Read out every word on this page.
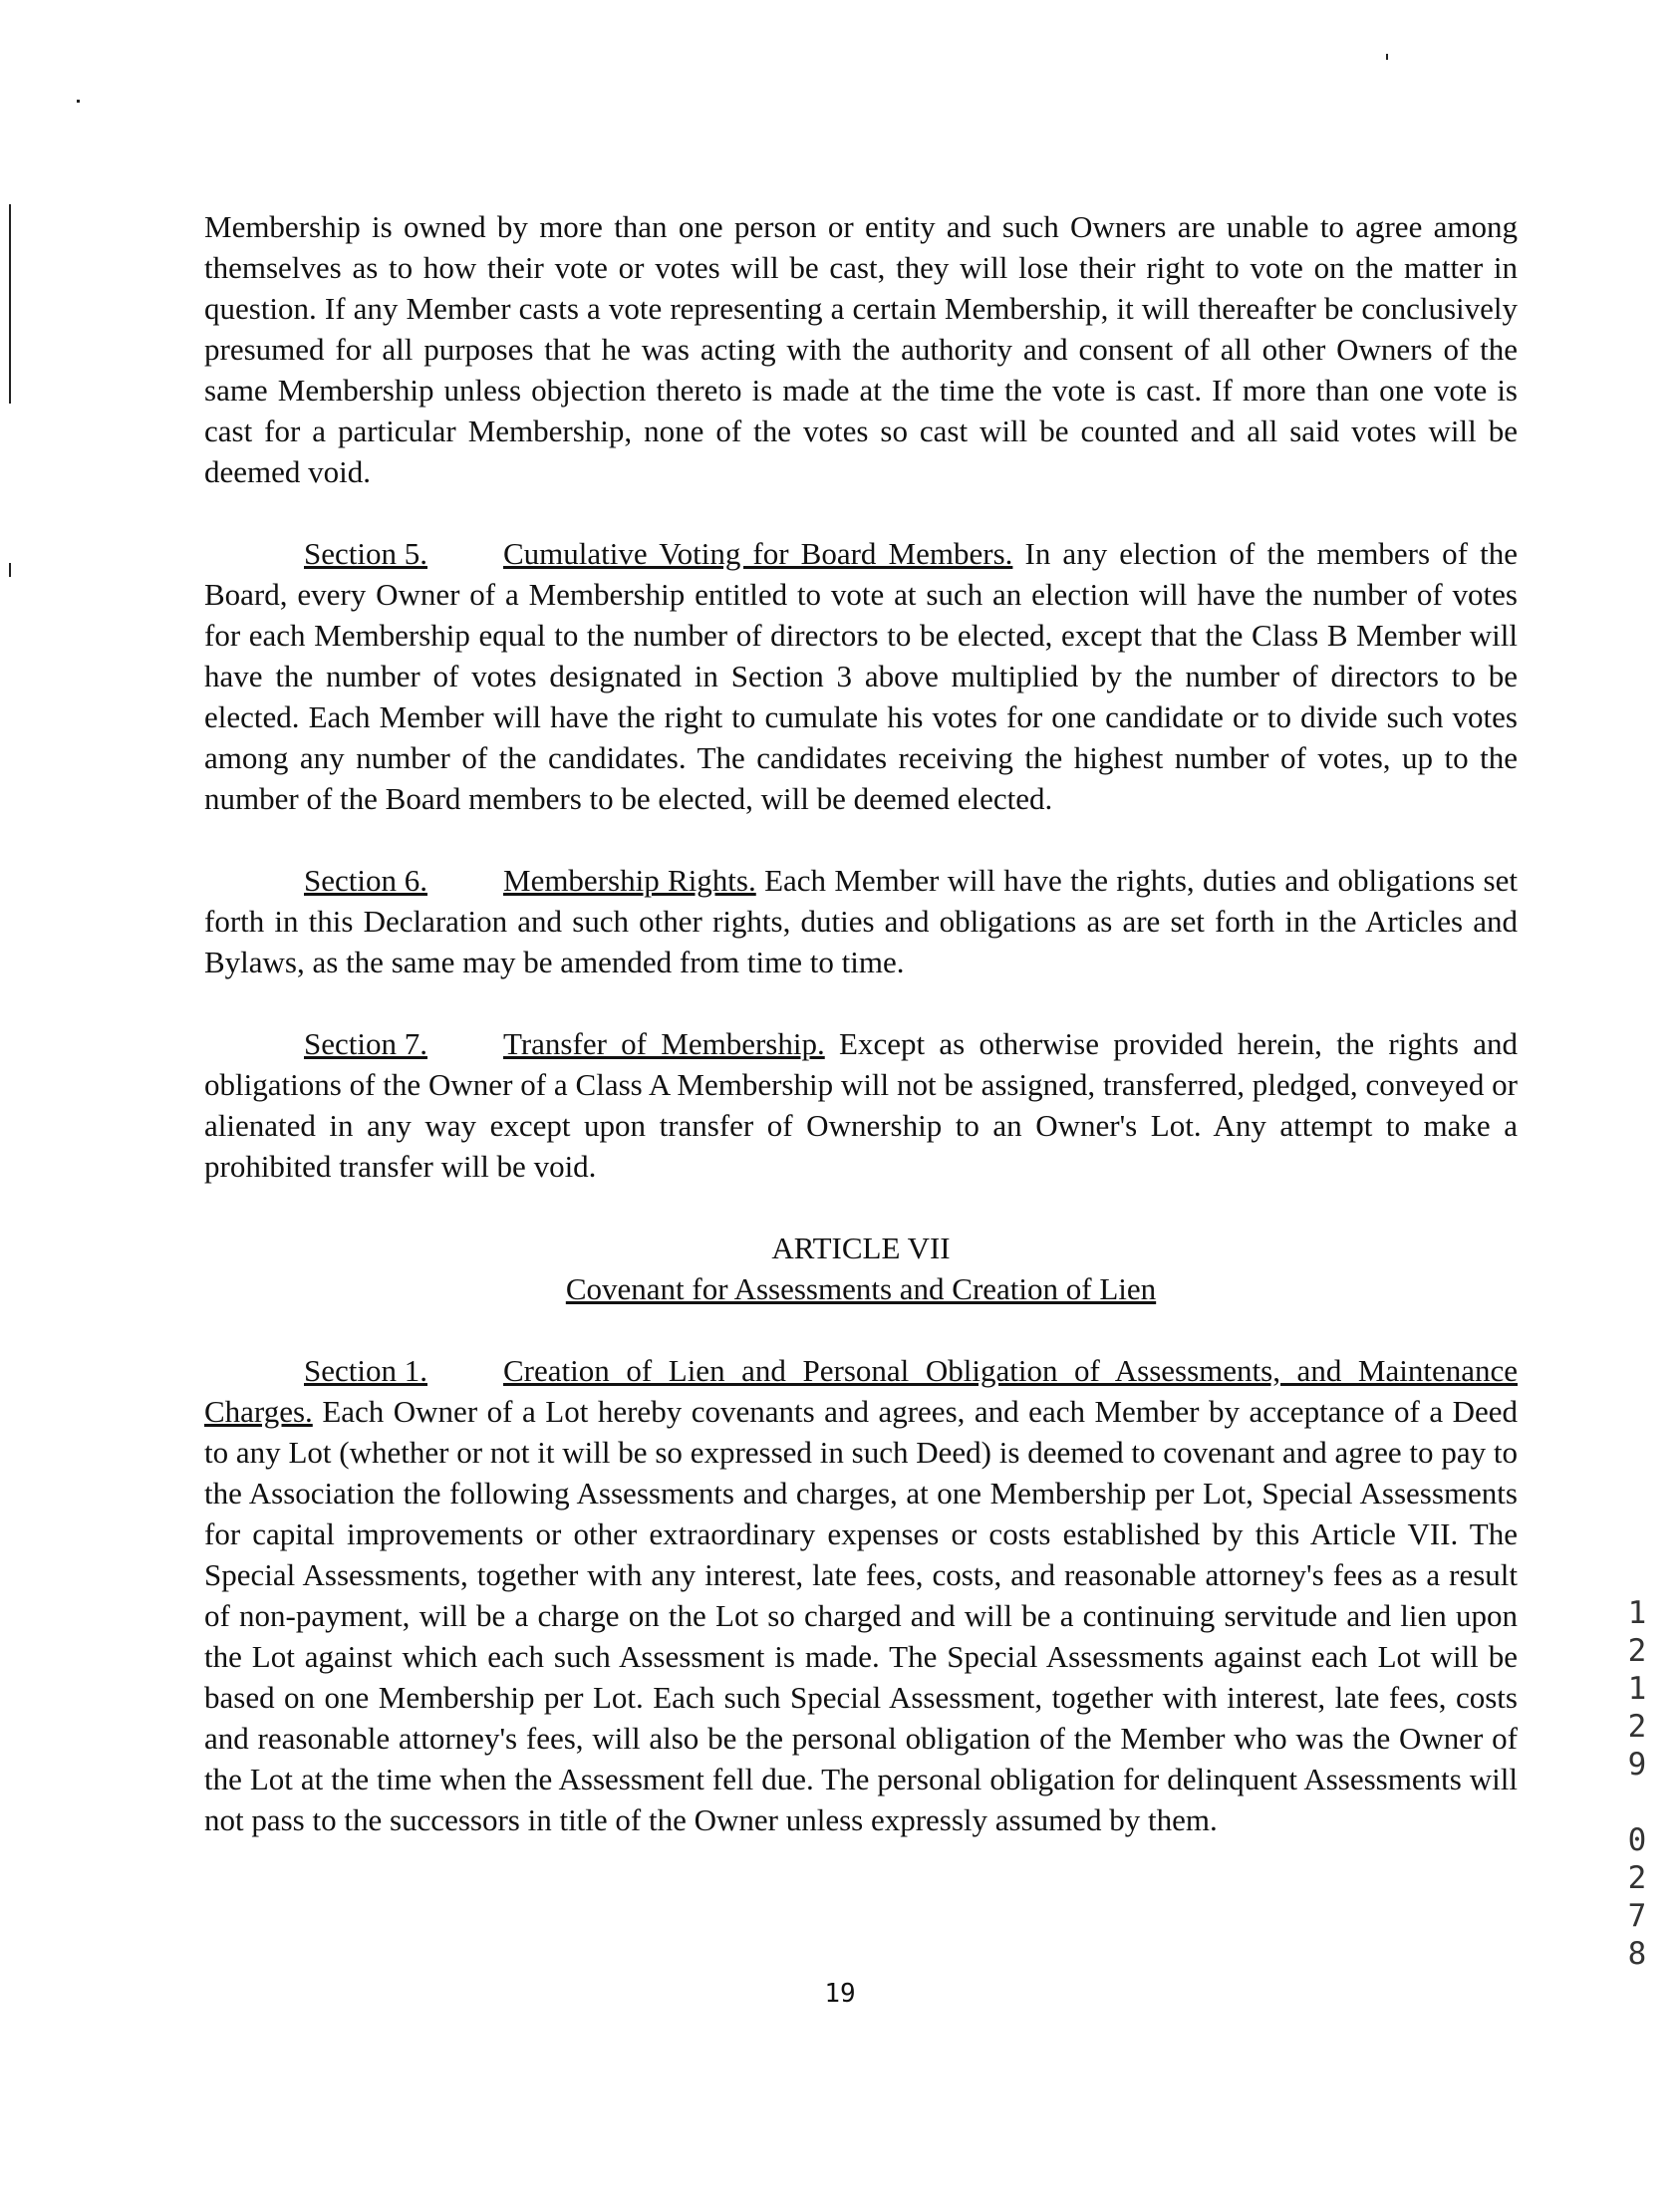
Membership is owned by more than one person or entity and such Owners are unable to agree among themselves as to how their vote or votes will be cast, they will lose their right to vote on the matter in question. If any Member casts a vote representing a certain Membership, it will thereafter be conclusively presumed for all purposes that he was acting with the authority and consent of all other Owners of the same Membership unless objection thereto is made at the time the vote is cast. If more than one vote is cast for a particular Membership, none of the votes so cast will be counted and all said votes will be deemed void.

Section 5. Cumulative Voting for Board Members. In any election of the members of the Board, every Owner of a Membership entitled to vote at such an election will have the number of votes for each Membership equal to the number of directors to be elected, except that the Class B Member will have the number of votes designated in Section 3 above multiplied by the number of directors to be elected. Each Member will have the right to cumulate his votes for one candidate or to divide such votes among any number of the candidates. The candidates receiving the highest number of votes, up to the number of the Board members to be elected, will be deemed elected.

Section 6. Membership Rights. Each Member will have the rights, duties and obligations set forth in this Declaration and such other rights, duties and obligations as are set forth in the Articles and Bylaws, as the same may be amended from time to time.

Section 7. Transfer of Membership. Except as otherwise provided herein, the rights and obligations of the Owner of a Class A Membership will not be assigned, transferred, pledged, conveyed or alienated in any way except upon transfer of Ownership to an Owner's Lot. Any attempt to make a prohibited transfer will be void.

ARTICLE VII
Covenant for Assessments and Creation of Lien

Section 1. Creation of Lien and Personal Obligation of Assessments, and Maintenance Charges. Each Owner of a Lot hereby covenants and agrees, and each Member by acceptance of a Deed to any Lot (whether or not it will be so expressed in such Deed) is deemed to covenant and agree to pay to the Association the following Assessments and charges, at one Membership per Lot, Special Assessments for capital improvements or other extraordinary expenses or costs established by this Article VII. The Special Assessments, together with any interest, late fees, costs, and reasonable attorney's fees as a result of non-payment, will be a charge on the Lot so charged and will be a continuing servitude and lien upon the Lot against which each such Assessment is made. The Special Assessments against each Lot will be based on one Membership per Lot. Each such Special Assessment, together with interest, late fees, costs and reasonable attorney's fees, will also be the personal obligation of the Member who was the Owner of the Lot at the time when the Assessment fell due. The personal obligation for delinquent Assessments will not pass to the successors in title of the Owner unless expressly assumed by them.

12129
0278
19
